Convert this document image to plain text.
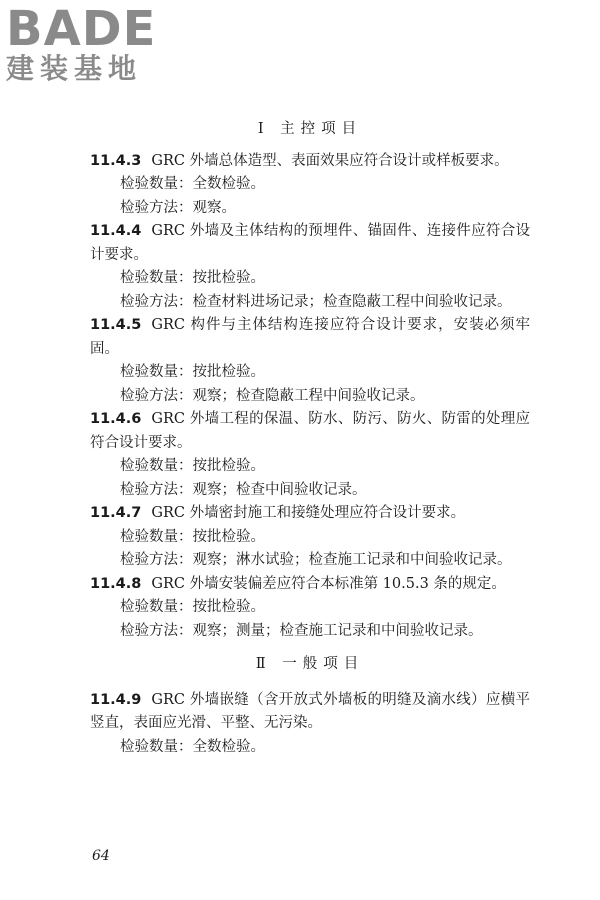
BADE
建装基地

Ⅰ 主控项目

11.4.3 GRC 外墙总体造型、表面效果应符合设计或样板要求。

检验数量：全数检验。

检验方法：观察。

11.4.4 GRC 外墙及主体结构的预埋件、锚固件、连接件应符合设计要求。

检验数量：按批检验。

检验方法：检查材料进场记录；检查隐蔽工程中间验收记录。

11.4.5 GRC 构件与主体结构连接应符合设计要求，安装必须牢固。

检验数量：按批检验。

检验方法：观察；检查隐蔽工程中间验收记录。

11.4.6 GRC 外墙工程的保温、防水、防污、防火、防雷的处理应符合设计要求。

检验数量：按批检验。

检验方法：观察；检查中间验收记录。

11.4.7 GRC 外墙密封施工和接缝处理应符合设计要求。

检验数量：按批检验。

检验方法：观察；淋水试验；检查施工记录和中间验收记录。

11.4.8 GRC 外墙安装偏差应符合本标准第 10.5.3 条的规定。

检验数量：按批检验。

检验方法：观察；测量；检查施工记录和中间验收记录。

Ⅱ 一般项目

11.4.9 GRC 外墙嵌缝（含开放式外墙板的明缝及滴水线）应横平竖直，表面应光滑、平整、无污染。

检验数量：全数检验。

64
